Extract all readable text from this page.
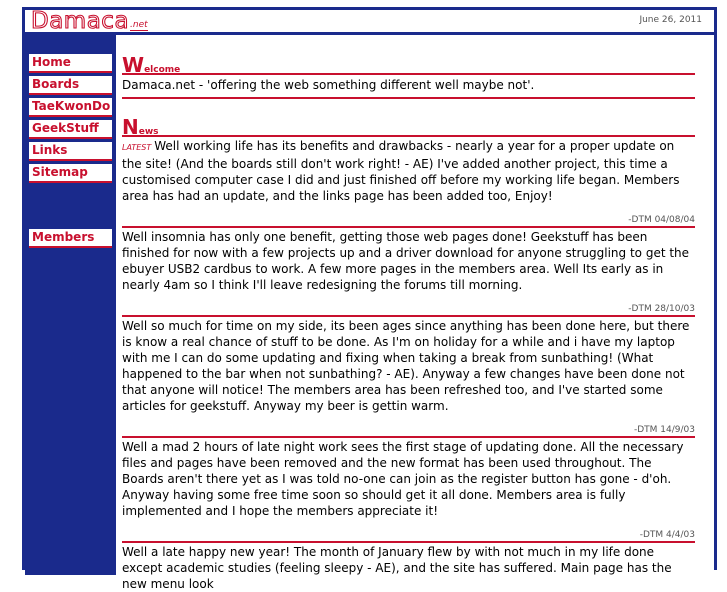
Damaca .net	June 26, 2011
Home
Boards
TaeKwonDo
GeekStuff
Links
Sitemap
Members
Welcome
Damaca.net - 'offering the web something different well maybe not'.
News
LATEST Well working life has its benefits and drawbacks - nearly a year for a proper update on the site! (And the boards still don't work right! - AE) I've added another project, this time a customised computer case I did and just finished off before my working life began. Members area has had an update, and the links page has been added too, Enjoy!
-DTM 04/08/04
Well insomnia has only one benefit, getting those web pages done! Geekstuff has been finished for now with a few projects up and a driver download for anyone struggling to get the ebuyer USB2 cardbus to work. A few more pages in the members area. Well Its early as in nearly 4am so I think I'll leave redesigning the forums till morning.
-DTM 28/10/03
Well so much for time on my side, its been ages since anything has been done here, but there is know a real chance of stuff to be done. As I'm on holiday for a while and i have my laptop with me I can do some updating and fixing when taking a break from sunbathing! (What happened to the bar when not sunbathing? - AE). Anyway a few changes have been done not that anyone will notice! The members area has been refreshed too, and I've started some articles for geekstuff. Anyway my beer is gettin warm.
-DTM 14/9/03
Well a mad 2 hours of late night work sees the first stage of updating done. All the necessary files and pages have been removed and the new format has been used throughout. The Boards aren't there yet as I was told no-one can join as the register button has gone - d'oh. Anyway having some free time soon so should get it all done. Members area is fully implemented and I hope the members appreciate it!
-DTM 4/4/03
Well a late happy new year! The month of January flew by with not much in my life done except academic studies (feeling sleepy - AE), and the site has suffered. Main page has the new menu look
